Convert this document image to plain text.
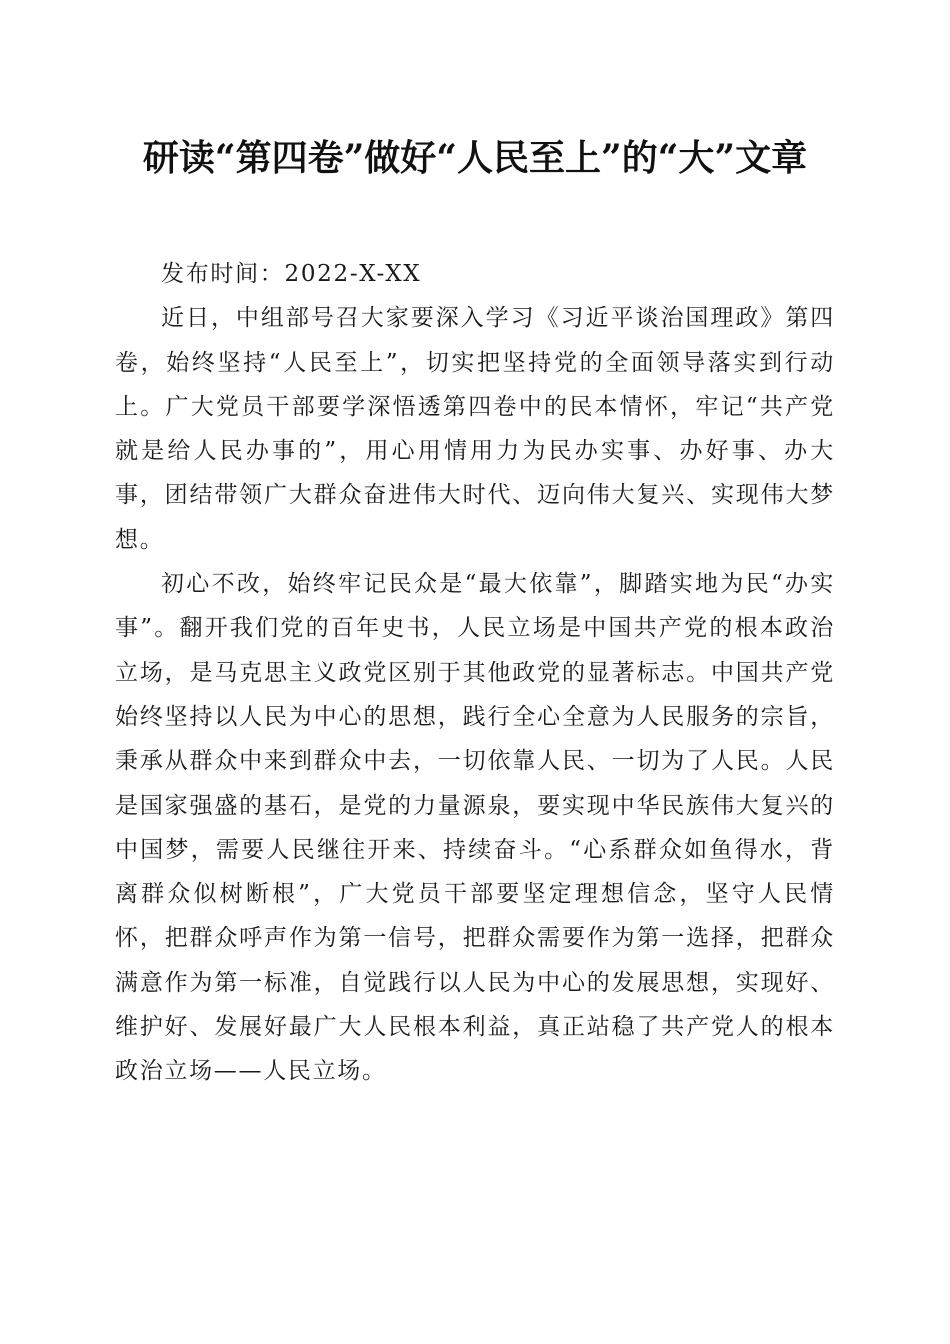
研读“第四卷”做好“人民至上”的“大”文章

发布时间：2022-X-XX

近日，中组部号召大家要深入学习《习近平谈治国理政》第四卷，始终坚持“人民至上”，切实把坚持党的全面领导落实到行动上。广大党员干部要学深悟透第四卷中的民本情怀，牢记“共产党就是给人民办事的”，用心用情用力为民办实事、办好事、办大事，团结带领广大群众奋进伟大时代、迈向伟大复兴、实现伟大梦想。

初心不改，始终牢记民众是“最大依靠”，脚踏实地为民“办实事”。翻开我们党的百年史书，人民立场是中国共产党的根本政治立场，是马克思主义政党区别于其他政党的显著标志。中国共产党始终坚持以人民为中心的思想，践行全心全意为人民服务的宗旨，秉承从群众中来到群众中去，一切依靠人民、一切为了人民。人民是国家强盛的基石，是党的力量源泉，要实现中华民族伟大复兴的中国梦，需要人民继往开来、持续奋斗。“心系群众如鱼得水，背离群众似树断根”，广大党员干部要坚定理想信念，坚守人民情怀，把群众呼声作为第一信号，把群众需要作为第一选择，把群众满意作为第一标准，自觉践行以人民为中心的发展思想，实现好、维护好、发展好最广大人民根本利益，真正站稳了共产党人的根本政治立场——人民立场。
